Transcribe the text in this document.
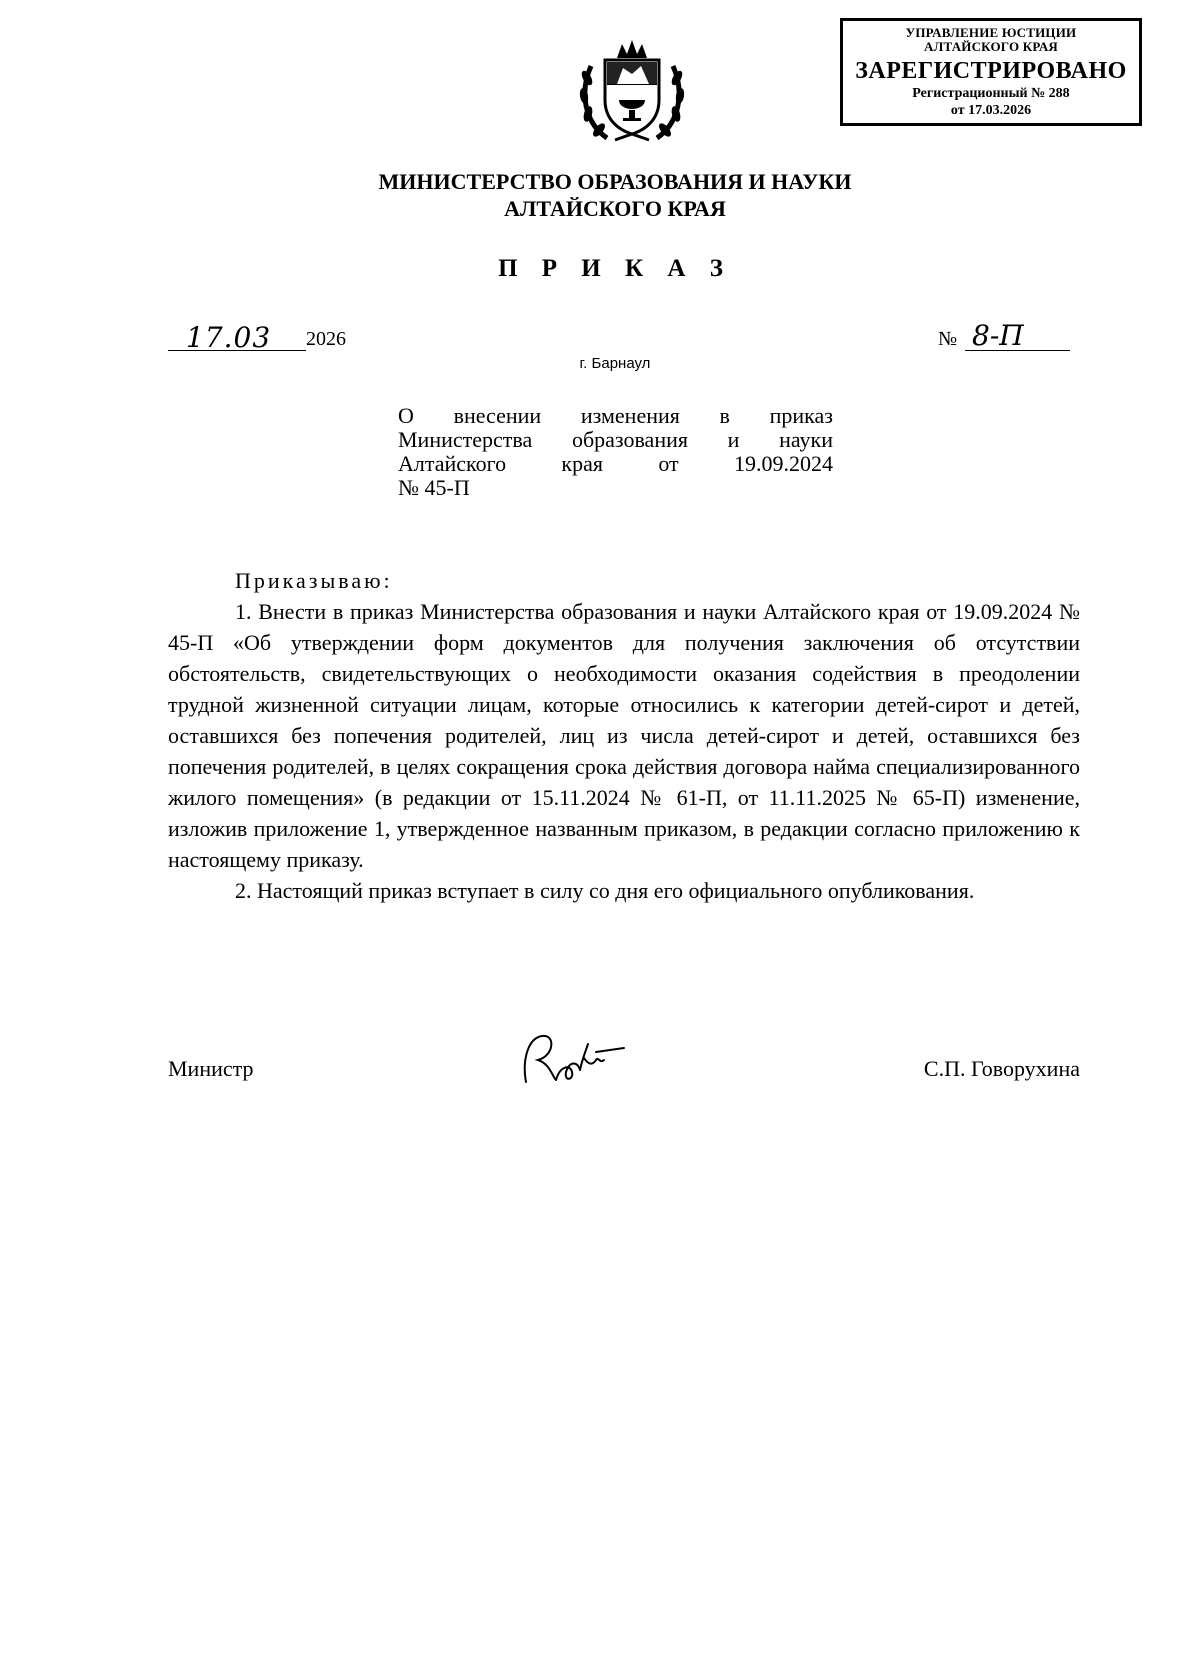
УПРАВЛЕНИЕ ЮСТИЦИИ
АЛТАЙСКОГО КРАЯ
ЗАРЕГИСТРИРОВАНО
Регистрационный № 288
от 17.03.2026
МИНИСТЕРСТВО ОБРАЗОВАНИЯ И НАУКИ
АЛТАЙСКОГО КРАЯ
П Р И К А З
17.03 2026	№ 8-П
г. Барнаул
О внесении изменения в приказ
Министерства образования и науки
Алтайского края от 19.09.2024
№ 45-П
Приказываю:

1. Внести в приказ Министерства образования и науки Алтайского края от 19.09.2024 № 45-П «Об утверждении форм документов для получения заключения об отсутствии обстоятельств, свидетельствующих о необходимости оказания содействия в преодолении трудной жизненной ситуации лицам, которые относились к категории детей-сирот и детей, оставшихся без попечения родителей, лиц из числа детей-сирот и детей, оставшихся без попечения родителей, в целях сокращения срока действия договора найма специализированного жилого помещения» (в редакции от 15.11.2024 № 61-П, от 11.11.2025 № 65-П) изменение, изложив приложение 1, утвержденное названным приказом, в редакции согласно приложению к настоящему приказу.

2. Настоящий приказ вступает в силу со дня его официального опубликования.

Министр	С.П. Говорухина
